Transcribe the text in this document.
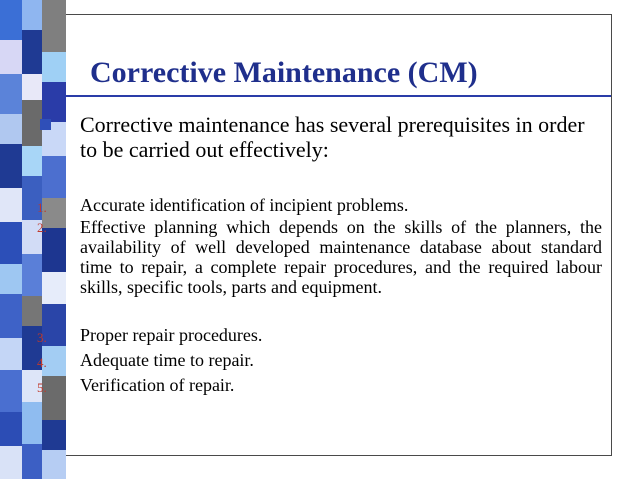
Corrective Maintenance (CM)
Corrective maintenance has several prerequisites in order to be carried out effectively:
1. Accurate identification of incipient problems.
2. Effective planning which depends on the skills of the planners, the availability of well developed maintenance database about standard time to repair, a complete repair procedures, and the required labour skills, specific tools, parts and equipment.
3. Proper repair procedures.
4. Adequate time to repair.
5. Verification of repair.
